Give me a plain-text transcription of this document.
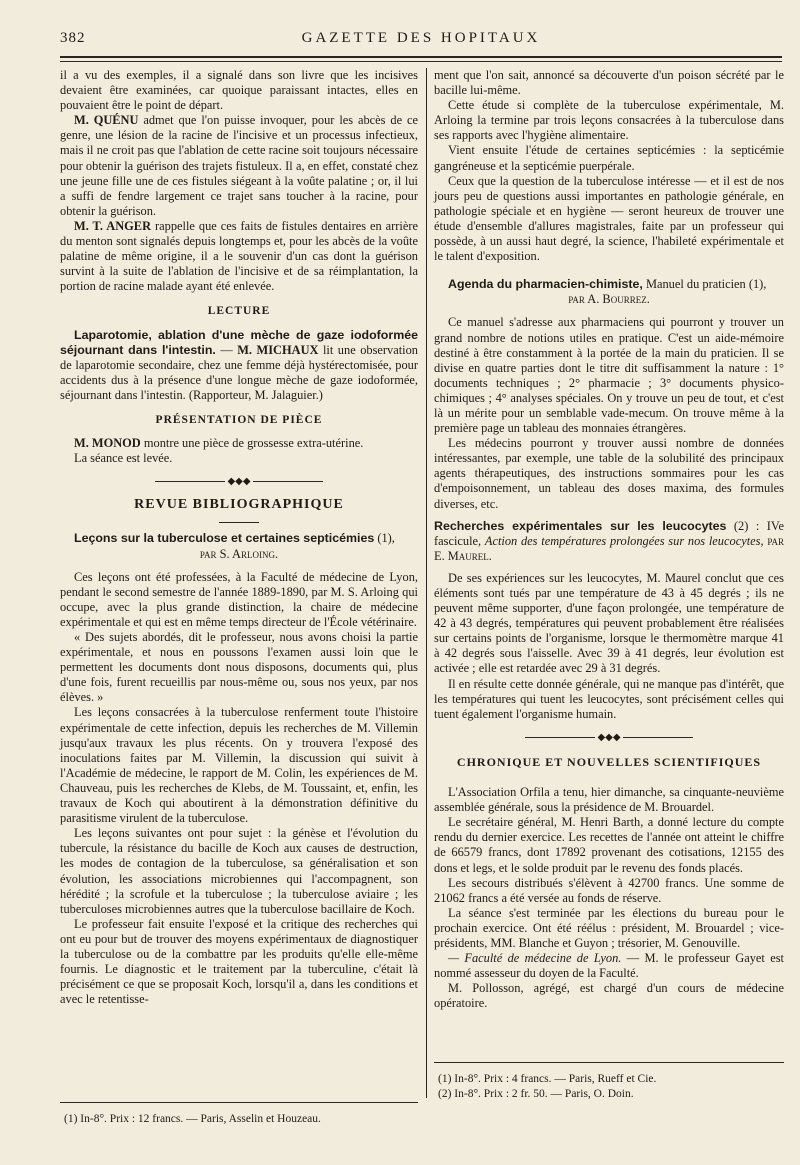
382	GAZETTE DES HOPITAUX

il a vu des exemples, il a signalé dans son livre que les incisives devaient être examinées, car quoique paraissant intactes, elles en pouvaient être le point de départ.

M. QUÉNU admet que l'on puisse invoquer, pour les abcès de ce genre, une lésion de la racine de l'incisive et un processus infectieux, mais il ne croit pas que l'ablation de cette racine soit toujours nécessaire pour obtenir la guérison des trajets fistuleux. Il a, en effet, constaté chez une jeune fille une de ces fistules siégeant à la voûte palatine ; or, il lui a suffi de fendre largement ce trajet sans toucher à la racine, pour obtenir la guérison.

M. T. ANGER rappelle que ces faits de fistules dentaires en arrière du menton sont signalés depuis longtemps et, pour les abcès de la voûte palatine de même origine, il a le souvenir d'un cas dont la guérison survint à la suite de l'ablation de l'incisive et de sa réimplantation, la portion de racine malade ayant été enlevée.

LECTURE

Laparotomie, ablation d'une mèche de gaze iodoformée séjournant dans l'intestin. — M. MICHAUX lit une observation de laparotomie secondaire, chez une femme déjà hystérectomisée, pour accidents dus à la présence d'une longue mèche de gaze iodoformée, séjournant dans l'intestin. (Rapporteur, M. Jalaguier.)

PRÉSENTATION DE PIÈCE

M. MONOD montre une pièce de grossesse extra-utérine.

La séance est levée.

◆◆◆
REVUE BIBLIOGRAPHIQUE

Leçons sur la tuberculose et certaines septicémies (1),

par S. Arloing.

Ces leçons ont été professées, à la Faculté de médecine de Lyon, pendant le second semestre de l'année 1889-1890, par M. S. Arloing qui occupe, avec la plus grande distinction, la chaire de médecine expérimentale et qui est en même temps directeur de l'École vétérinaire.

« Des sujets abordés, dit le professeur, nous avons choisi la partie expérimentale, et nous en poussons l'examen aussi loin que le permettent les documents dont nous disposons, documents qui, plus d'une fois, furent recueillis par nous-même ou, sous nos yeux, par nos élèves. »

Les leçons consacrées à la tuberculose renferment toute l'histoire expérimentale de cette infection, depuis les recherches de M. Villemin jusqu'aux travaux les plus récents. On y trouvera l'exposé des inoculations faites par M. Villemin, la discussion qui suivit à l'Académie de médecine, le rapport de M. Colin, les expériences de M. Chauveau, puis les recherches de Klebs, de M. Toussaint, et, enfin, les travaux de Koch qui aboutirent à la démonstration définitive du parasitisme virulent de la tuberculose.

Les leçons suivantes ont pour sujet : la génèse et l'évolution du tubercule, la résistance du bacille de Koch aux causes de destruction, les modes de contagion de la tuberculose, sa généralisation et son évolution, les associations microbiennes qui l'accompagnent, son hérédité ; la scrofule et la tuberculose ; la tuberculose aviaire ; les tuberculoses microbiennes autres que la tuberculose bacillaire de Koch.

Le professeur fait ensuite l'exposé et la critique des recherches qui ont eu pour but de trouver des moyens expérimentaux de diagnostiquer la tuberculose ou de la combattre par les produits qu'elle elle-même fournis. Le diagnostic et le traitement par la tuberculine, c'était là précisément ce que se proposait Koch, lorsqu'il a, dans les conditions et avec le retentisse-

(1) In-8°. Prix : 12 francs. — Paris, Asselin et Houzeau.

ment que l'on sait, annoncé sa découverte d'un poison sécrété par le bacille lui-même.

Cette étude si complète de la tuberculose expérimentale, M. Arloing la termine par trois leçons consacrées à la tuberculose dans ses rapports avec l'hygiène alimentaire.

Vient ensuite l'étude de certaines septicémies : la septicémie gangréneuse et la septicémie puerpérale.

Ceux que la question de la tuberculose intéresse — et il est de nos jours peu de questions aussi importantes en pathologie générale, en pathologie spéciale et en hygiène — seront heureux de trouver une étude d'ensemble d'allures magistrales, faite par un professeur qui possède, à un aussi haut degré, la science, l'habileté expérimentale et le talent d'exposition.

Agenda du pharmacien-chimiste, Manuel du praticien (1),

par A. Bourrez.

Ce manuel s'adresse aux pharmaciens qui pourront y trouver un grand nombre de notions utiles en pratique. C'est un aide-mémoire destiné à être constamment à la portée de la main du praticien. Il se divise en quatre parties dont le titre dit suffisamment la nature : 1° documents techniques ; 2° pharmacie ; 3° documents physico-chimiques ; 4° analyses spéciales. On y trouve un peu de tout, et c'est là un mérite pour un semblable vade-mecum. On trouve même à la première page un tableau des monnaies étrangères.

Les médecins pourront y trouver aussi nombre de données intéressantes, par exemple, une table de la solubilité des principaux agents thérapeutiques, des instructions sommaires pour les cas d'empoisonnement, un tableau des doses maxima, des formules diverses, etc.

Recherches expérimentales sur les leucocytes (2) : IVe fascicule, Action des températures prolongées sur nos leucocytes, par E. Maurel.

De ses expériences sur les leucocytes, M. Maurel conclut que ces éléments sont tués par une température de 43 à 45 degrés ; ils ne peuvent même supporter, d'une façon prolongée, une température de 42 à 43 degrés, températures qui peuvent probablement être réalisées sur certains points de l'organisme, lorsque le thermomètre marque 41 à 42 degrés sous l'aisselle. Avec 39 à 41 degrés, leur évolution est activée ; elle est retardée avec 29 à 31 degrés.

Il en résulte cette donnée générale, qui ne manque pas d'intérêt, que les températures qui tuent les leucocytes, sont précisément celles qui tuent également l'organisme humain.

◆◆◆
CHRONIQUE ET NOUVELLES SCIENTIFIQUES

L'Association Orfila a tenu, hier dimanche, sa cinquante-neuvième assemblée générale, sous la présidence de M. Brouardel.

Le secrétaire général, M. Henri Barth, a donné lecture du compte rendu du dernier exercice. Les recettes de l'année ont atteint le chiffre de 66579 francs, dont 17892 provenant des cotisations, 12155 des dons et legs, et le solde produit par le revenu des fonds placés.

Les secours distribués s'élèvent à 42700 francs. Une somme de 21062 francs a été versée au fonds de réserve.

La séance s'est terminée par les élections du bureau pour le prochain exercice. Ont été réélus : président, M. Brouardel ; vice-présidents, MM. Blanche et Guyon ; trésorier, M. Genouville.

— Faculté de médecine de Lyon. — M. le professeur Gayet est nommé assesseur du doyen de la Faculté.

M. Pollosson, agrégé, est chargé d'un cours de médecine opératoire.

(1) In-8°. Prix : 4 francs. — Paris, Rueff et Cie.
(2) In-8°. Prix : 2 fr. 50. — Paris, O. Doin.
